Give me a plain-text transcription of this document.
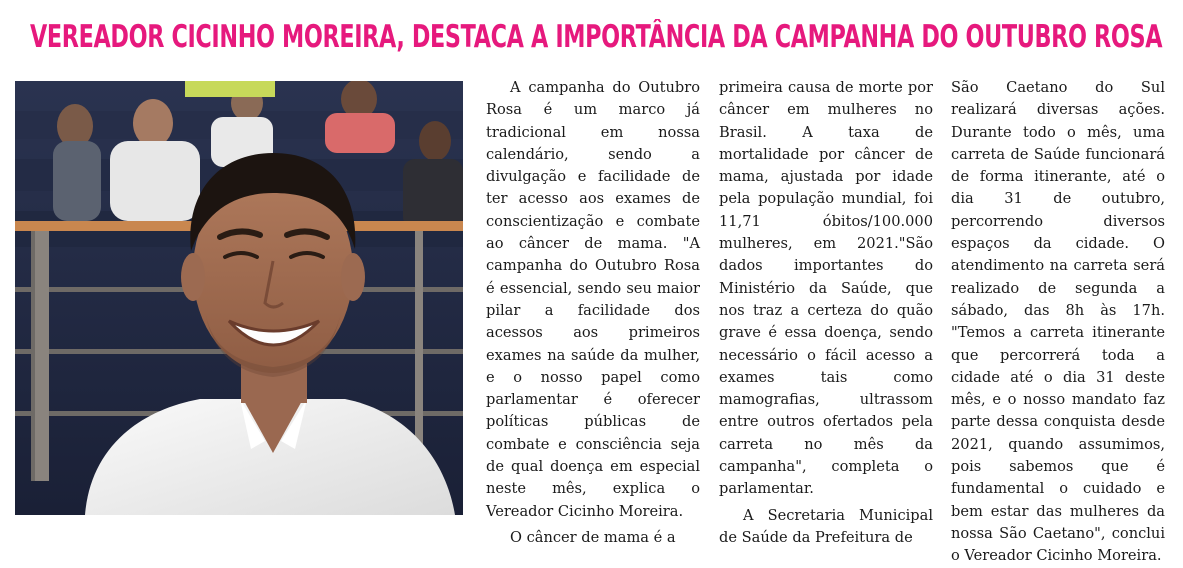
VEREADOR CICINHO MOREIRA, DESTACA A IMPORTÂNCIA DA CAMPANHA DO OUTUBRO ROSA

A campanha do Outubro Rosa é um marco já tradicional em nossa calendário, sendo a divulgação e facilidade de ter acesso aos exames de conscientização e combate ao câncer de mama. "A campanha do Outubro Rosa é essencial, sendo seu maior pilar a facilidade dos acessos aos primeiros exames na saúde da mulher, e o nosso papel como parlamentar é oferecer políticas públicas de combate e consciência seja de qual doença em especial neste mês, explica o Vereador Cicinho Moreira.

O câncer de mama é a

primeira causa de morte por câncer em mulheres no Brasil. A taxa de mortalidade por câncer de mama, ajustada por idade pela população mundial, foi 11,71 óbitos/100.000 mulheres, em 2021."São dados importantes do Ministério da Saúde, que nos traz a certeza do quão grave é essa doença, sendo necessário o fácil acesso a exames tais como mamografias, ultrassom entre outros ofertados pela carreta no mês da campanha", completa o parlamentar.

A Secretaria Municipal de Saúde da Prefeitura de

São Caetano do Sul realizará diversas ações. Durante todo o mês, uma carreta de Saúde funcionará de forma itinerante, até o dia 31 de outubro, percorrendo diversos espaços da cidade. O atendimento na carreta será realizado de segunda a sábado, das 8h às 17h. "Temos a carreta itinerante que percorrerá toda a cidade até o dia 31 deste mês, e o nosso mandato faz parte dessa conquista desde 2021, quando assumimos, pois sabemos que é fundamental o cuidado e bem estar das mulheres da nossa São Caetano", conclui o Vereador Cicinho Moreira.
